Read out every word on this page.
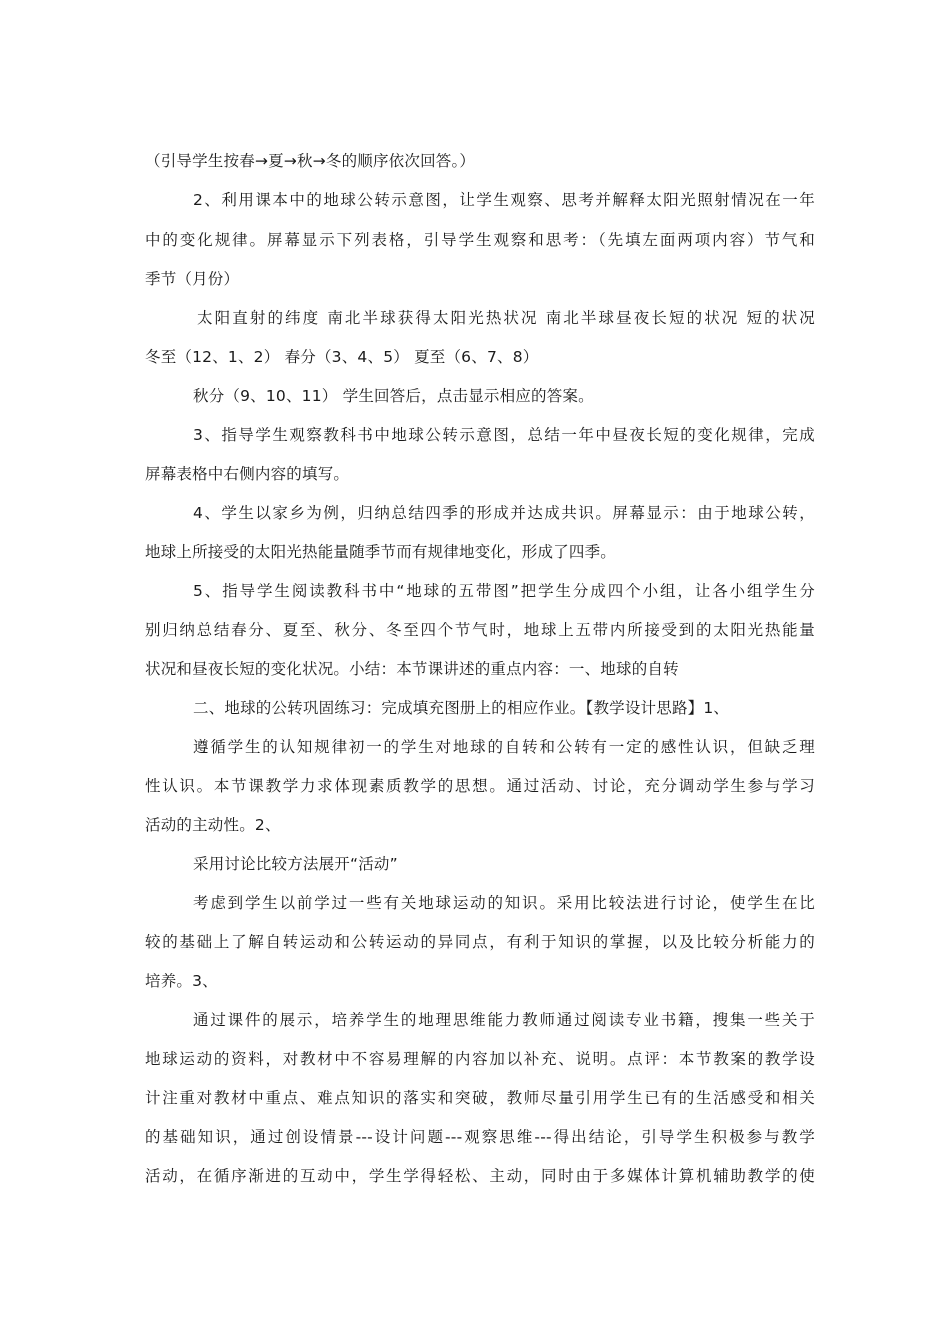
（引导学生按春→夏→秋→冬的顺序依次回答。）
2、利用课本中的地球公转示意图，让学生观察、思考并解释太阳光照射情况在一年
中的变化规律。屏幕显示下列表格，引导学生观察和思考：（先填左面两项内容）节气和
季节（月份）
太阳直射的纬度 南北半球获得太阳光热状况 南北半球昼夜长短的状况 短的状况
冬至（12、1、2） 春分（3、4、5） 夏至（6、7、8）
秋分（9、10、11） 学生回答后，点击显示相应的答案。
3、指导学生观察教科书中地球公转示意图，总结一年中昼夜长短的变化规律，完成
屏幕表格中右侧内容的填写。
4、学生以家乡为例，归纳总结四季的形成并达成共识。屏幕显示：由于地球公转，
地球上所接受的太阳光热能量随季节而有规律地变化，形成了四季。
5、指导学生阅读教科书中“地球的五带图”把学生分成四个小组，让各小组学生分
别归纳总结春分、夏至、秋分、冬至四个节气时，地球上五带内所接受到的太阳光热能量
状况和昼夜长短的变化状况。小结：本节课讲述的重点内容：一、地球的自转
二、地球的公转巩固练习：完成填充图册上的相应作业。【教学设计思路】1、
遵循学生的认知规律初一的学生对地球的自转和公转有一定的感性认识，但缺乏理
性认识。本节课教学力求体现素质教学的思想。通过活动、讨论，充分调动学生参与学习
活动的主动性。2、
采用讨论比较方法展开“活动”
考虑到学生以前学过一些有关地球运动的知识。采用比较法进行讨论，使学生在比
较的基础上了解自转运动和公转运动的异同点，有利于知识的掌握，以及比较分析能力的
培养。3、
通过课件的展示，培养学生的地理思维能力教师通过阅读专业书籍，搜集一些关于
地球运动的资料，对教材中不容易理解的内容加以补充、说明。点评：本节教案的教学设
计注重对教材中重点、难点知识的落实和突破，教师尽量引用学生已有的生活感受和相关
的基础知识，通过创设情景---设计问题---观察思维---得出结论，引导学生积极参与教学
活动，在循序渐进的互动中，学生学得轻松、主动，同时由于多媒体计算机辅助教学的使
